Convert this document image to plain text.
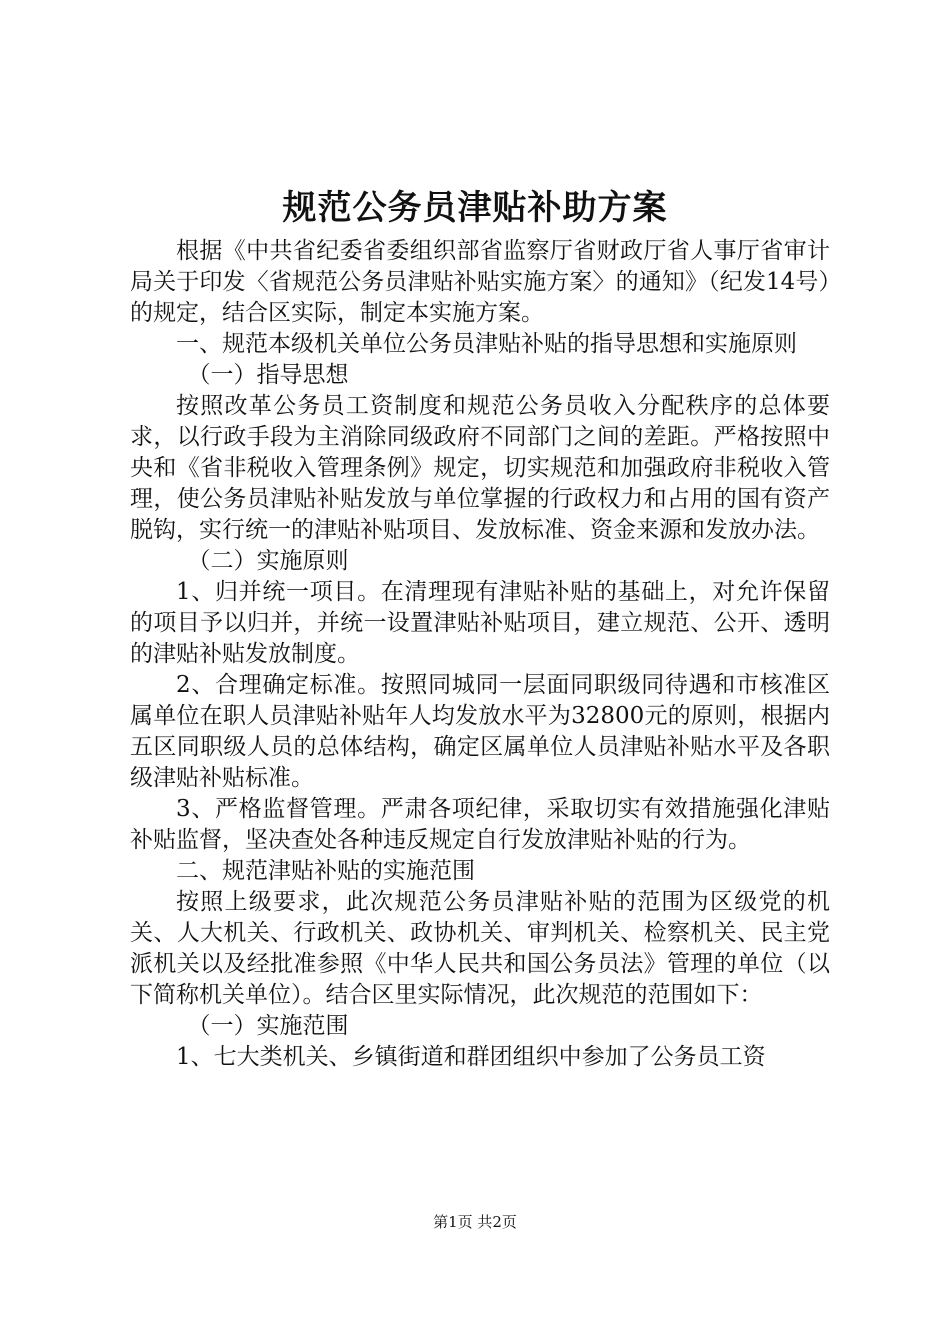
规范公务员津贴补助方案

根据《中共省纪委省委组织部省监察厅省财政厅省人事厅省审计局关于印发〈省规范公务员津贴补贴实施方案〉的通知》（纪发14号）的规定，结合区实际，制定本实施方案。

一、规范本级机关单位公务员津贴补贴的指导思想和实施原则

（一）指导思想

按照改革公务员工资制度和规范公务员收入分配秩序的总体要求，以行政手段为主消除同级政府不同部门之间的差距。严格按照中央和《省非税收入管理条例》规定，切实规范和加强政府非税收入管理，使公务员津贴补贴发放与单位掌握的行政权力和占用的国有资产脱钩，实行统一的津贴补贴项目、发放标准、资金来源和发放办法。

（二）实施原则

1、归并统一项目。在清理现有津贴补贴的基础上，对允许保留的项目予以归并，并统一设置津贴补贴项目，建立规范、公开、透明的津贴补贴发放制度。

2、合理确定标准。按照同城同一层面同职级同待遇和市核准区属单位在职人员津贴补贴年人均发放水平为32800元的原则，根据内五区同职级人员的总体结构，确定区属单位人员津贴补贴水平及各职级津贴补贴标准。

3、严格监督管理。严肃各项纪律，采取切实有效措施强化津贴补贴监督，坚决查处各种违反规定自行发放津贴补贴的行为。

二、规范津贴补贴的实施范围

按照上级要求，此次规范公务员津贴补贴的范围为区级党的机关、人大机关、行政机关、政协机关、审判机关、检察机关、民主党派机关以及经批准参照《中华人民共和国公务员法》管理的单位（以下简称机关单位）。结合区里实际情况，此次规范的范围如下：

（一）实施范围

1、七大类机关、乡镇街道和群团组织中参加了公务员工资

第1页 共2页
